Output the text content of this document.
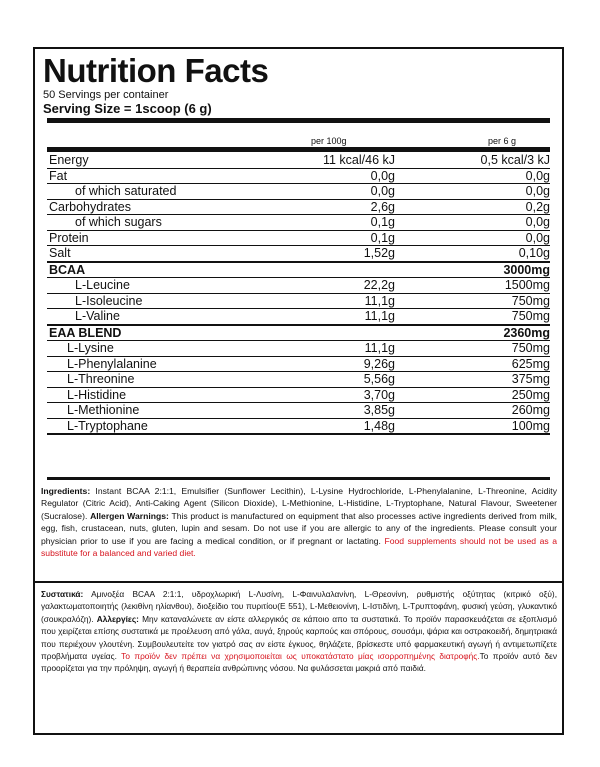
Nutrition Facts
50 Servings per container
Serving Size = 1scoop (6 g)
per 100g	per 6 g
Energy	11 kcal/46 kJ	0,5 kcal/3 kJ
Fat	0,0g	0,0g
of which saturated	0,0g	0,0g
Carbohydrates	2,6g	0,2g
of which sugars	0,1g	0,0g
Protein	0,1g	0,0g
Salt	1,52g	0,10g
BCAA		3000mg
L-Leucine	22,2g	1500mg
L-Isoleucine	11,1g	750mg
L-Valine	11,1g	750mg
EAA BLEND		2360mg
L-Lysine	11,1g	750mg
L-Phenylalanine	9,26g	625mg
L-Threonine	5,56g	375mg
L-Histidine	3,70g	250mg
L-Methionine	3,85g	260mg
L-Tryptophane	1,48g	100mg
Ingredients: Instant BCAA 2:1:1, Emulsifier (Sunflower Lecithin), L-Lysine Hydrochloride, L-Phenylalanine, L-Threonine, Acidity Regulator (Citric Acid), Anti-Caking Agent (Silicon Dioxide), L-Methionine, L-Histidine, L-Tryptophane, Natural Flavour, Sweetener (Sucralose). Allergen Warnings: This product is manufactured on equipment that also processes active ingredients derived from milk, egg, fish, crustacean, nuts, gluten, lupin and sesam. Do not use if you are allergic to any of the ingredients. Please consult your physician prior to use if you are facing a medical condition, or if pregnant or lactating. Food supplements should not be used as a substitute for a balanced and varied diet.
Συστατικά: Αμινοξέα BCAA 2:1:1, υδροχλωρική L-Λυσίνη, L-Φαινυλαλανίνη, L-Θρεονίνη, ρυθμιστής οξύτητας (κιτρικό οξύ), γαλακτωματοποιητής (λεκιθίνη ηλίανθου), διοξείδιο του πυριτίου(E 551), L-Μεθειονίνη, L-Ιστιδίνη, L-Τρυπτοφάνη, φυσική γεύση, γλυκαντικό (σουκραλόζη). Αλλεργίες: Μην καταναλώνετε αν είστε αλλεργικός σε κάποιο απο τα συστατικά. Το προϊόν παρασκευάζεται σε εξοπλισμό που χειρίζεται επίσης συστατικά με προέλευση από γάλα, αυγά, ξηρούς καρπούς και σπόρους, σουσάμι, ψάρια και οστρακοειδή, δημητριακά που περιέχουν γλουτένη. Συμβουλευτείτε τον γιατρό σας αν είστε έγκυος, θηλάζετε, βρίσκεστε υπό φαρμακευτική αγωγή ή αντιμετωπίζετε προβλήματα υγείας. Το προϊόν δεν πρέπει να χρησιμοποιείται ως υποκατάστατο μίας ισορροπημένης διατροφής.Το προϊόν αυτό δεν προορίζεται για την πρόληψη, αγωγή ή θεραπεία ανθρώπινης νόσου. Να φυλάσσεται μακριά από παιδιά.
